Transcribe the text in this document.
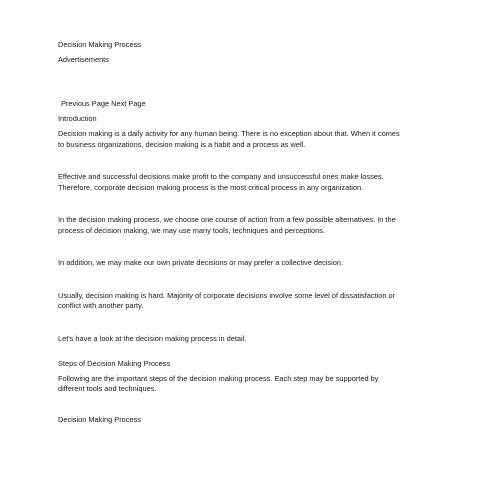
Decision Making Process

Advertisements

Previous Page Next Page

Introduction

Decision making is a daily activity for any human being. There is no exception about that. When it comes

to business organizations, decision making is a habit and a process as well.

Effective and successful decisions make profit to the company and unsuccessful ones make losses.

Therefore, corporate decision making process is the most critical process in any organization.

In the decision making process, we choose one course of action from a few possible alternatives. In the

process of decision making, we may use many tools, techniques and perceptions.

In addition, we may make our own private decisions or may prefer a collective decision.

Usually, decision making is hard. Majority of corporate decisions involve some level of dissatisfaction or

conflict with another party.

Let's have a look at the decision making process in detail.

Steps of Decision Making Process

Following are the important steps of the decision making process. Each step may be supported by

different tools and techniques.

Decision Making Process
